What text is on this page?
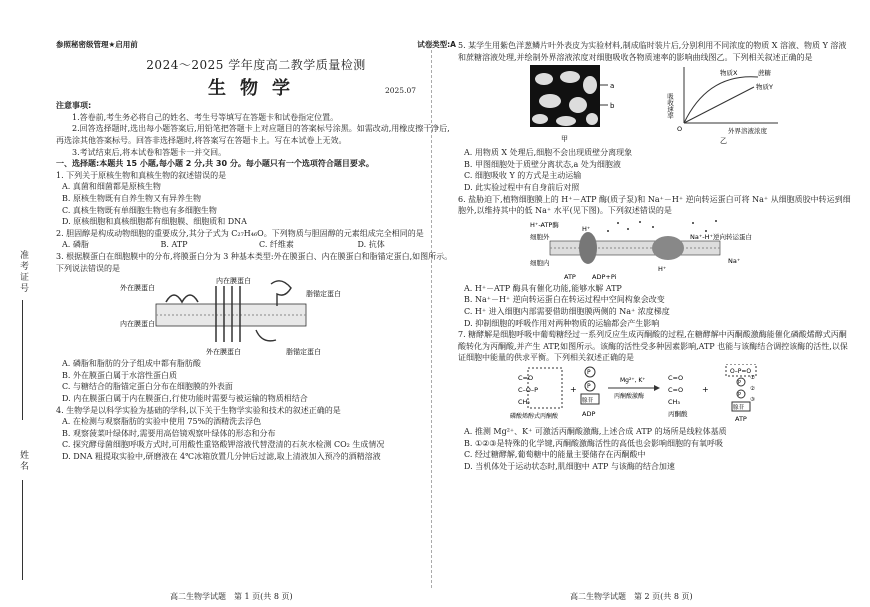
准考证号
姓名
参照秘密级管理★启用前	试卷类型:A
2024～2025 学年度高二教学质量检测
生物学	2025.07

注意事项:

1.答卷前,考生务必将自己的姓名、考生号等填写在答题卡和试卷指定位置。

2.回答选择题时,选出每小题答案后,用铅笔把答题卡上对应题目的答案标号涂黑。如需改动,用橡皮擦干净后,再选涂其他答案标号。回答非选择题时,将答案写在答题卡上。写在本试卷上无效。

3.考试结束后,将本试卷和答题卡一并交回。

一、选择题:本题共 15 小题,每小题 2 分,共 30 分。每小题只有一个选项符合题目要求。

1. 下列关于原核生物和真核生物的叙述错误的是

A. 真菌和细菌都是原核生物

B. 原核生物既有自养生物又有异养生物

C. 真核生物既有单细胞生物也有多细胞生物

D. 原核细胞和真核细胞都有细胞膜、细胞质和 DNA

2. 胆固醇是构成动物细胞的重要成分,其分子式为 C₂₇H₄₆O。下列物质与胆固醇的元素组成完全相同的是

A. 磷脂	B. ATP	C. 纤维素	D. 抗体

3. 根据膜蛋白在细胞膜中的分布,将膜蛋白分为 3 种基本类型:外在膜蛋白、内在膜蛋白和脂锚定蛋白,如图所示。下列说法错误的是

外在膜蛋白
内在膜蛋白
内在膜蛋白
脂锚定蛋白
外在膜蛋白	脂锚定蛋白

A. 磷脂和脂肪的分子组成中都有脂肪酸

B. 外在膜蛋白属于水溶性蛋白质

C. 与糖结合的脂锚定蛋白分布在细胞膜的外表面

D. 内在膜蛋白属于内在膜蛋白,行使功能时需要与被运输的物质相结合

4. 生物学是以科学实验为基础的学科,以下关于生物学实验和技术的叙述正确的是

A. 在检测与观察脂肪的实验中使用 75%的酒精洗去浮色

B. 观察菠菜叶绿体时,需要用高倍镜观察叶绿体的形态和分布

C. 探究酵母菌细胞呼吸方式时,可用酸性重铬酸钾溶液代替澄清的石灰水检测 CO₂ 生成情况

D. DNA 粗提取实验中,研磨液在 4℃冰箱放置几分钟后过滤,取上清液加入预冷的酒精溶液

高二生物学试题　第 1 页(共 8 页)

5. 某学生用紫色洋葱鳞片叶外表皮为实验材料,制成临时装片后,分别利用不同浓度的物质 X 溶液、物质 Y 溶液和蔗糖溶液处理,并绘制外界溶液浓度对细胞吸收各物质速率的影响曲线图乙。下列相关叙述正确的是

a
b
甲
吸收速率
物质X	蔗糖
物质Y
外界溶液浓度
O
乙

A. 用物质 X 处理后,细胞不会出现质壁分离现象

B. 甲图细胞处于质壁分离状态,a 处为细胞液

C. 细胞吸收 Y 的方式是主动运输

D. 此实验过程中有自身前后对照

6. 盐胁迫下,植物细胞膜上的 H⁺－ATP 酶(质子泵)和 Na⁺－H⁺ 逆向转运蛋白可将 Na⁺ 从细胞质胶中转运到细胞外,以维持其中的低 Na⁺ 水平(见下图)。下列叙述错误的是

H⁺-ATP酶
细胞外
细胞内
Na⁺-H⁺逆向转运蛋白
H⁺
Na⁺
ATP ADP+Pi
H⁺

A. H⁺－ATP 酶具有催化功能,能够水解 ATP

B. Na⁺－H⁺ 逆向转运蛋白在转运过程中空间构象会改变

C. H⁺ 进入细胞内部需要借助细胞膜两侧的 Na⁺ 浓度梯度

D. 抑制细胞的呼吸作用对两种物质的运输都会产生影响

7. 糖酵解是细胞呼吸中葡萄糖经过一系列反应生成丙酮酸的过程,在糖酵解中丙酮酸激酶能催化磷酸烯醇式丙酮酸转化为丙酮酸,并产生 ATP,如图所示。该酶的活性受多种因素影响,ATP 也能与该酶结合调控该酶的活性,以保证细胞中能量的供求平衡。下列相关叙述正确的是

C=O
C–O–P
CH₂
磷酸烯醇式丙酮酸
+
P
P
腺苷
ADP
Mg²⁺, K⁺
丙酮酸激酶
C=O
C=O
CH₃
丙酮酸
+
O–P=O
P
P
腺苷
ATP
①
②
③

A. 推测 Mg²⁺、K⁺ 可激活丙酮酸激酶,上述合成 ATP 的场所是线粒体基质

B. ①②③是特殊的化学键,丙酮酸激酶活性的高低也会影响细胞的有氧呼吸

C. 经过糖酵解,葡萄糖中的能量主要储存在丙酮酸中

D. 当机体处于运动状态时,肌细胞中 ATP 与该酶的结合加速

高二生物学试题　第 2 页(共 8 页)
